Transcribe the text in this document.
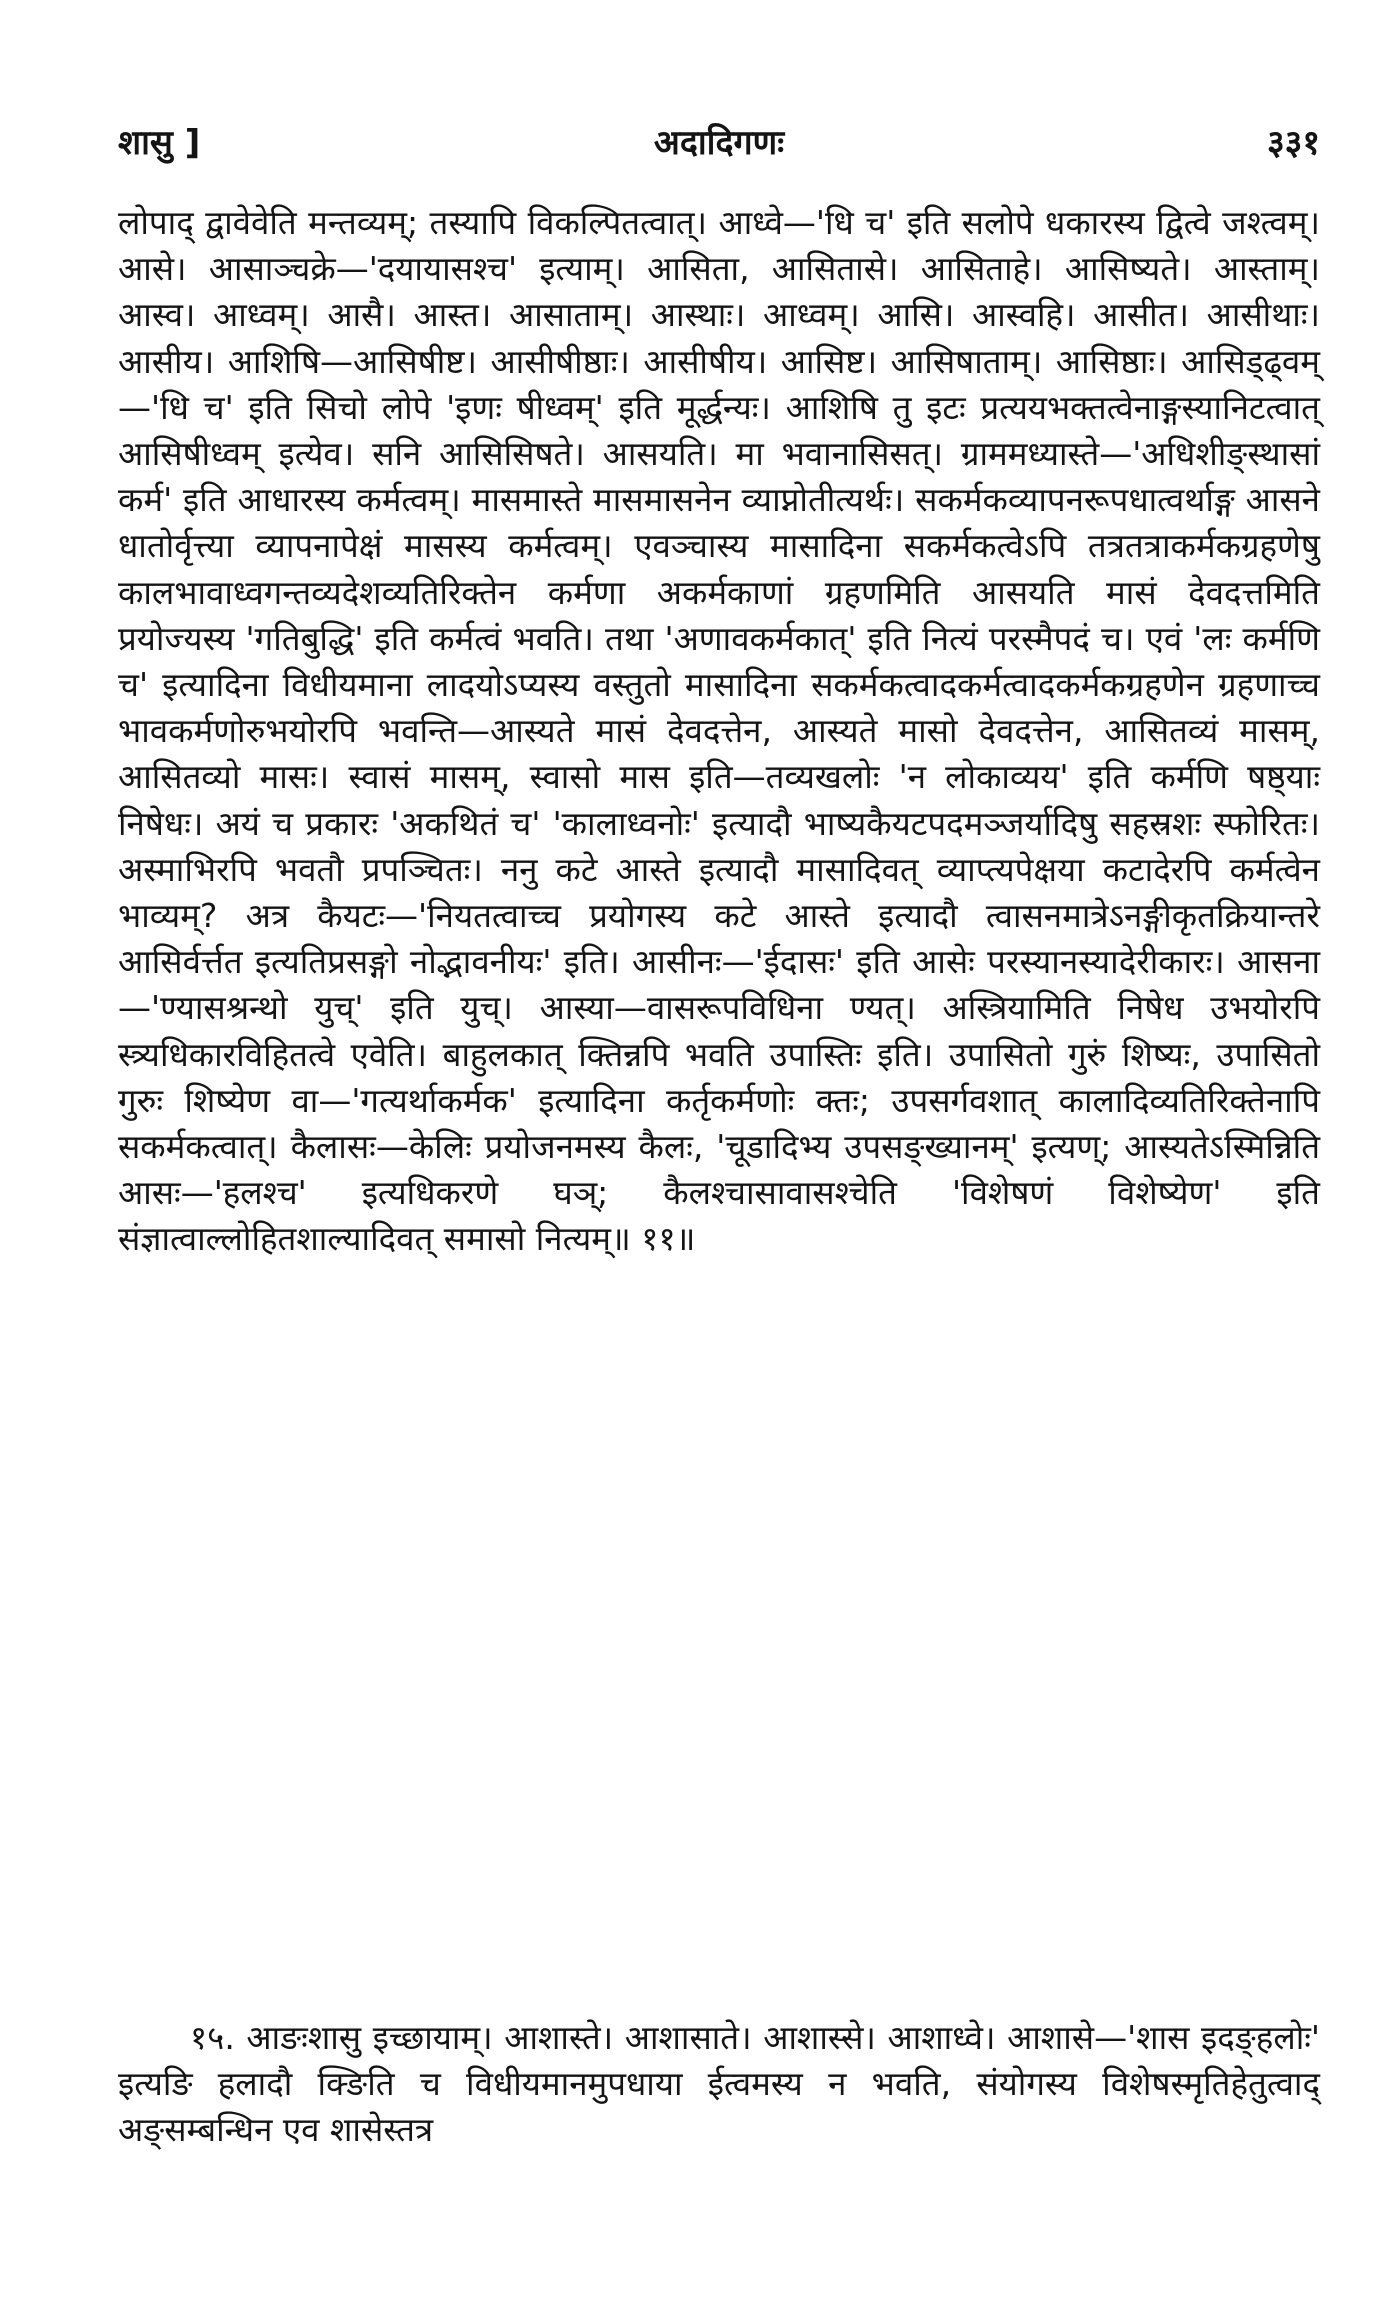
शासु ]	अदादिगणः	३३१
लोपाद् द्वावेवेति मन्तव्यम्; तस्यापि विकल्पितत्वात्। आध्वे—'धि च' इति सलोपे धकारस्य द्वित्वे जश्त्वम्। आसे। आसाञ्चक्रे—'दयायासश्च' इत्याम्। आसिता, आसितासे। आसिताहे। आसिष्यते। आस्ताम्। आस्व। आध्वम्। आसै। आस्त। आसाताम्। आस्थाः। आध्वम्। आसि। आस्वहि। आसीत। आसीथाः। आसीय। आशिषि—आसिषीष्ट। आसीषीष्ठाः। आसीषीय। आसिष्ट। आसिषाताम्। आसिष्ठाः। आसिड्ढ्वम्—'धि च' इति सिचो लोपे 'इणः षीध्वम्' इति मूर्द्धन्यः। आशिषि तु इटः प्रत्ययभक्तत्वेनाङ्गस्यानिटत्वात् आसिषीध्वम् इत्येव। सनि आसिसिषते। आसयति। मा भवानासिसत्। ग्राममध्यास्ते—'अधिशीङ्स्थासां कर्म' इति आधारस्य कर्मत्वम्। मासमास्ते मासमासनेन व्याप्नोतीत्यर्थः। सकर्मकव्यापनरूपधात्वर्थाङ्ग आसने धातोर्वृत्त्या व्यापनापेक्षं मासस्य कर्मत्वम्। एवञ्चास्य मासादिना सकर्मकत्वेऽपि तत्रतत्राकर्मकग्रहणेषु कालभावाध्वगन्तव्यदेशव्यतिरिक्तेन कर्मणा अकर्मकाणां ग्रहणमिति आसयति मासं देवदत्तमिति प्रयोज्यस्य 'गतिबुद्धि' इति कर्मत्वं भवति। तथा 'अणावकर्मकात्' इति नित्यं परस्मैपदं च। एवं 'लः कर्मणि च' इत्यादिना विधीयमाना लादयोऽप्यस्य वस्तुतो मासादिना सकर्मकत्वादकर्मत्वादकर्मकग्रहणेन ग्रहणाच्च भावकर्मणोरुभयोरपि भवन्ति—आस्यते मासं देवदत्तेन, आस्यते मासो देवदत्तेन, आसितव्यं मासम्, आसितव्यो मासः। स्वासं मासम्, स्वासो मास इति—तव्यखलोः 'न लोकाव्यय' इति कर्मणि षष्ठ्याः निषेधः। अयं च प्रकारः 'अकथितं च' 'कालाध्वनोः' इत्यादौ भाष्यकैयटपदमञ्जर्यादिषु सहस्रशः स्फोरितः। अस्माभिरपि भवतौ प्रपञ्चितः। ननु कटे आस्ते इत्यादौ मासादिवत् व्याप्त्यपेक्षया कटादेरपि कर्मत्वेन भाव्यम्? अत्र कैयटः—'नियतत्वाच्च प्रयोगस्य कटे आस्ते इत्यादौ त्वासनमात्रेऽनङ्गीकृतक्रियान्तरे आसिर्वर्त्तत इत्यतिप्रसङ्गो नोद्भावनीयः' इति। आसीनः—'ईदासः' इति आसेः परस्यानस्यादेरीकारः। आसना—'ण्यासश्रन्थो युच्' इति युच्। आस्या—वासरूपविधिना ण्यत्। अस्त्रियामिति निषेध उभयोरपि स्त्र्यधिकारविहितत्वे एवेति। बाहुलकात् क्तिन्नपि भवति उपास्तिः इति। उपासितो गुरुं शिष्यः, उपासितो गुरुः शिष्येण वा—'गत्यर्थाकर्मक' इत्यादिना कर्तृकर्मणोः क्तः; उपसर्गवशात् कालादिव्यतिरिक्तेनापि सकर्मकत्वात्। कैलासः—केलिः प्रयोजनमस्य कैलः, 'चूडादिभ्य उपसङ्ख्यानम्' इत्यण्; आस्यतेऽस्मिन्निति आसः—'हलश्च' इत्यधिकरणे घञ्; कैलश्चासावासश्चेति 'विशेषणं विशेष्येण' इति संज्ञात्वाल्लोहितशाल्यादिवत् समासो नित्यम्॥ ११॥
१५. आङःशासु इच्छायाम्। आशास्ते। आशासाते। आशास्से। आशाध्वे। आशासे—'शास इदङ्हलोः' इत्यङि हलादौ क्ङिति च विधीयमानमुपधाया ईत्वमस्य न भवति, संयोगस्य विशेषस्मृतिहेतुत्वाद् अङ्सम्बन्धिन एव शासेस्तत्र
